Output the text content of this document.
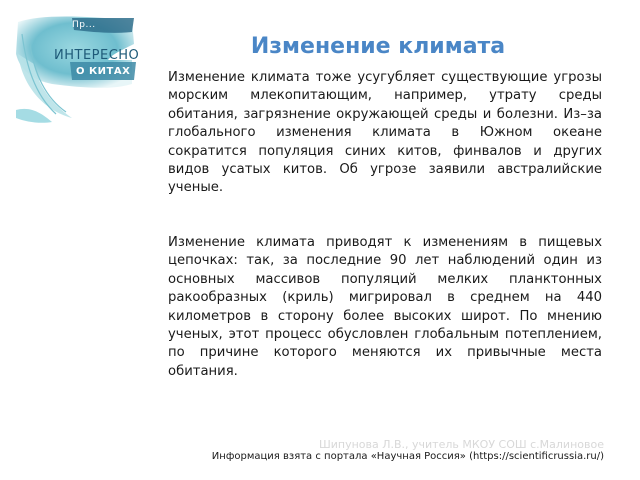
Пр...
ИНТЕРЕСНО
О КИТАХ
Изменение климата

Изменение климата тоже усугубляет существующие угрозы морским млекопитающим, например, утрату среды обитания, загрязнение окружающей среды и болезни. Из–за глобального изменения климата в Южном океане сократится популяция синих китов, финвалов и других видов усатых китов. Об угрозе заявили австралийские ученые.

Изменение климата приводят к изменениям в пищевых цепочках: так, за последние 90 лет наблюдений один из основных массивов популяций мелких планктонных ракообразных (криль) мигрировал в среднем на 440 километров в сторону более высоких широт. По мнению ученых, этот процесс обусловлен глобальным потеплением, по причине которого меняются их привычные места обитания.

Шипунова Л.В., учитель МКОУ СОШ с.Малиновое
Информация взята с портала «Научная Россия» (https://scientificrussia.ru/)
